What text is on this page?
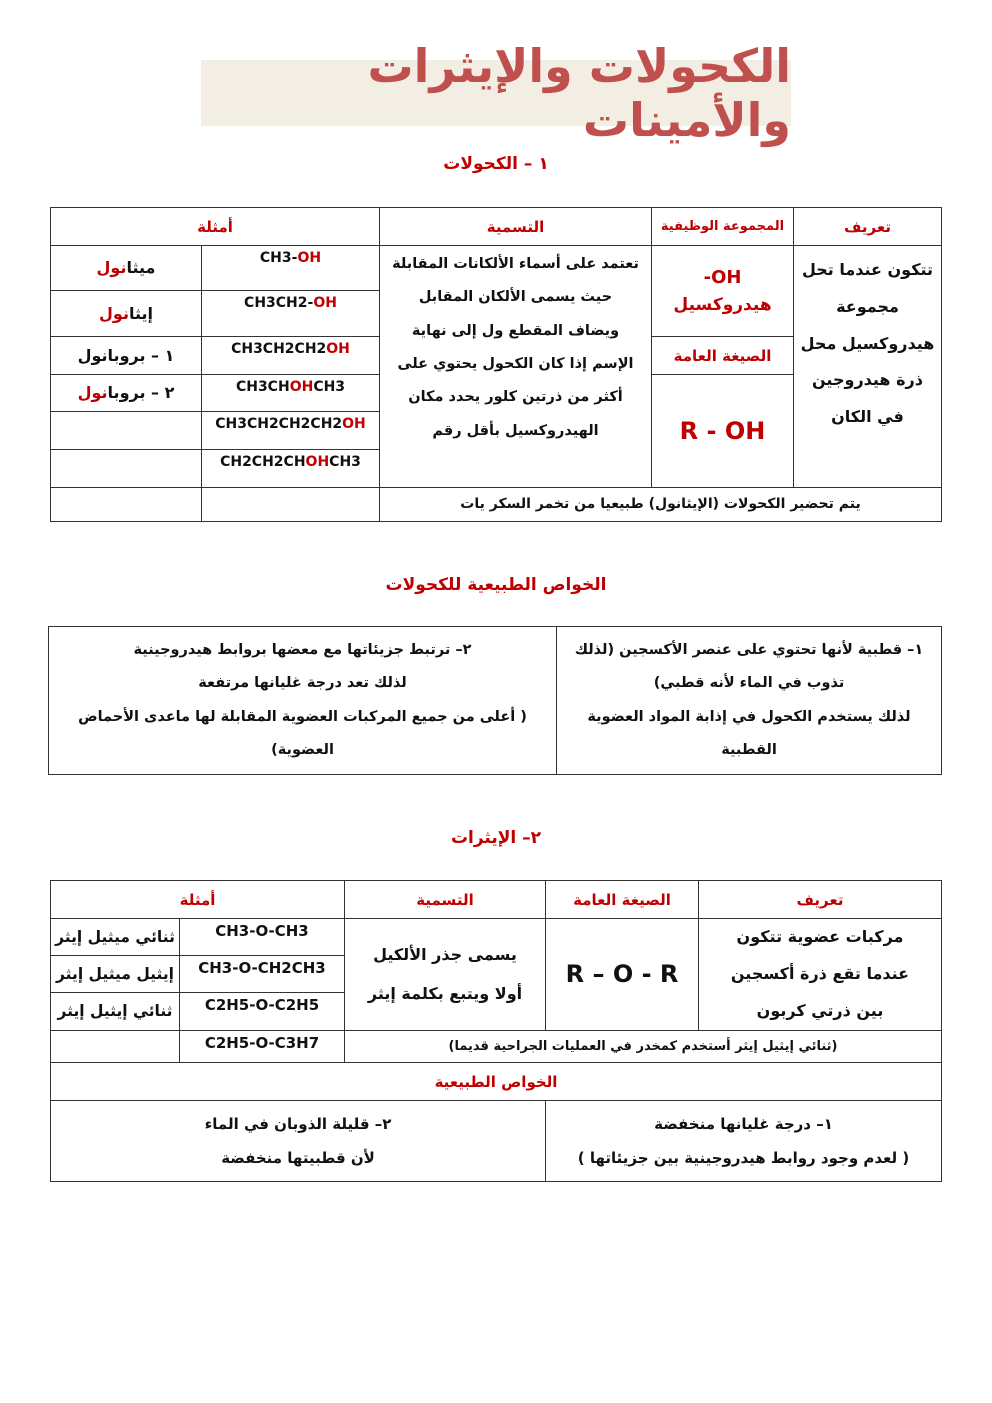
الكحولات والإيثرات والأمينات
١ – الكحولات
تعريف
المجموعة الوظيفية
التسمية
أمثلة
تتكون عندما تحل مجموعة هيدروكسيل محل ذرة هيدروجين في الكان
-OH
هيدروكسيل
الصيغة العامة
R - OH
تعتمد على أسماء الألكانات المقابلة حيث يسمى الألكان المقابل ويضاف المقطع ول إلى نهاية الإسم إذا كان الكحول يحتوي على أكثر من ذرتين كلور يحدد مكان الهيدروكسيل بأقل رقم
CH3-OH
ميثانول
CH3CH2-OH
إيثانول
CH3CH2CH2OH
١ – بروبانول
CH3CHOHCH3
٢ – بروبانول
CH3CH2CH2CH2OH
CH2CH2CHOHCH3
يتم تحضير الكحولات (الإيثانول) طبيعيا من تخمر السكر يات
الخواص الطبيعية للكحولات
١– قطبية لأنها تحتوي على عنصر الأكسجين (لذلك
تذوب في الماء لأنه قطبي)
لذلك يستخدم الكحول في إذابة المواد العضوية
القطبية
٢– ترتبط جزيئاتها مع معضها بروابط هيدروجينية
لذلك تعد درجة غليانها مرتفعة
( أعلى من جميع المركبات العضوية المقابلة لها ماعدى الأحماض
العضوية)
٢– الإيثرات
تعريف
الصيغة العامة
التسمية
أمثلة
مركبات عضوية تتكون عندما تقع ذرة أكسجين بين ذرتي كربون
R – O - R
يسمى جذر الألكيل أولا ويتبع بكلمة إيثر
CH3-O-CH3
ثنائي ميثيل إيثر
CH3-O-CH2CH3
إيثيل ميثيل إيثر
C2H5-O-C2H5
ثنائي إيثيل إيثر
C2H5-O-C3H7	(ثنائي إيثيل إيثر أستخدم كمخدر في العمليات الجراحية قديما)
الخواص الطبيعية
١– درجة غليانها منخفضة
( لعدم وجود روابط هيدروجينية بين جزيئاتها )
٢– قليلة الذوبان في الماء
لأن قطبيتها منخفضة
